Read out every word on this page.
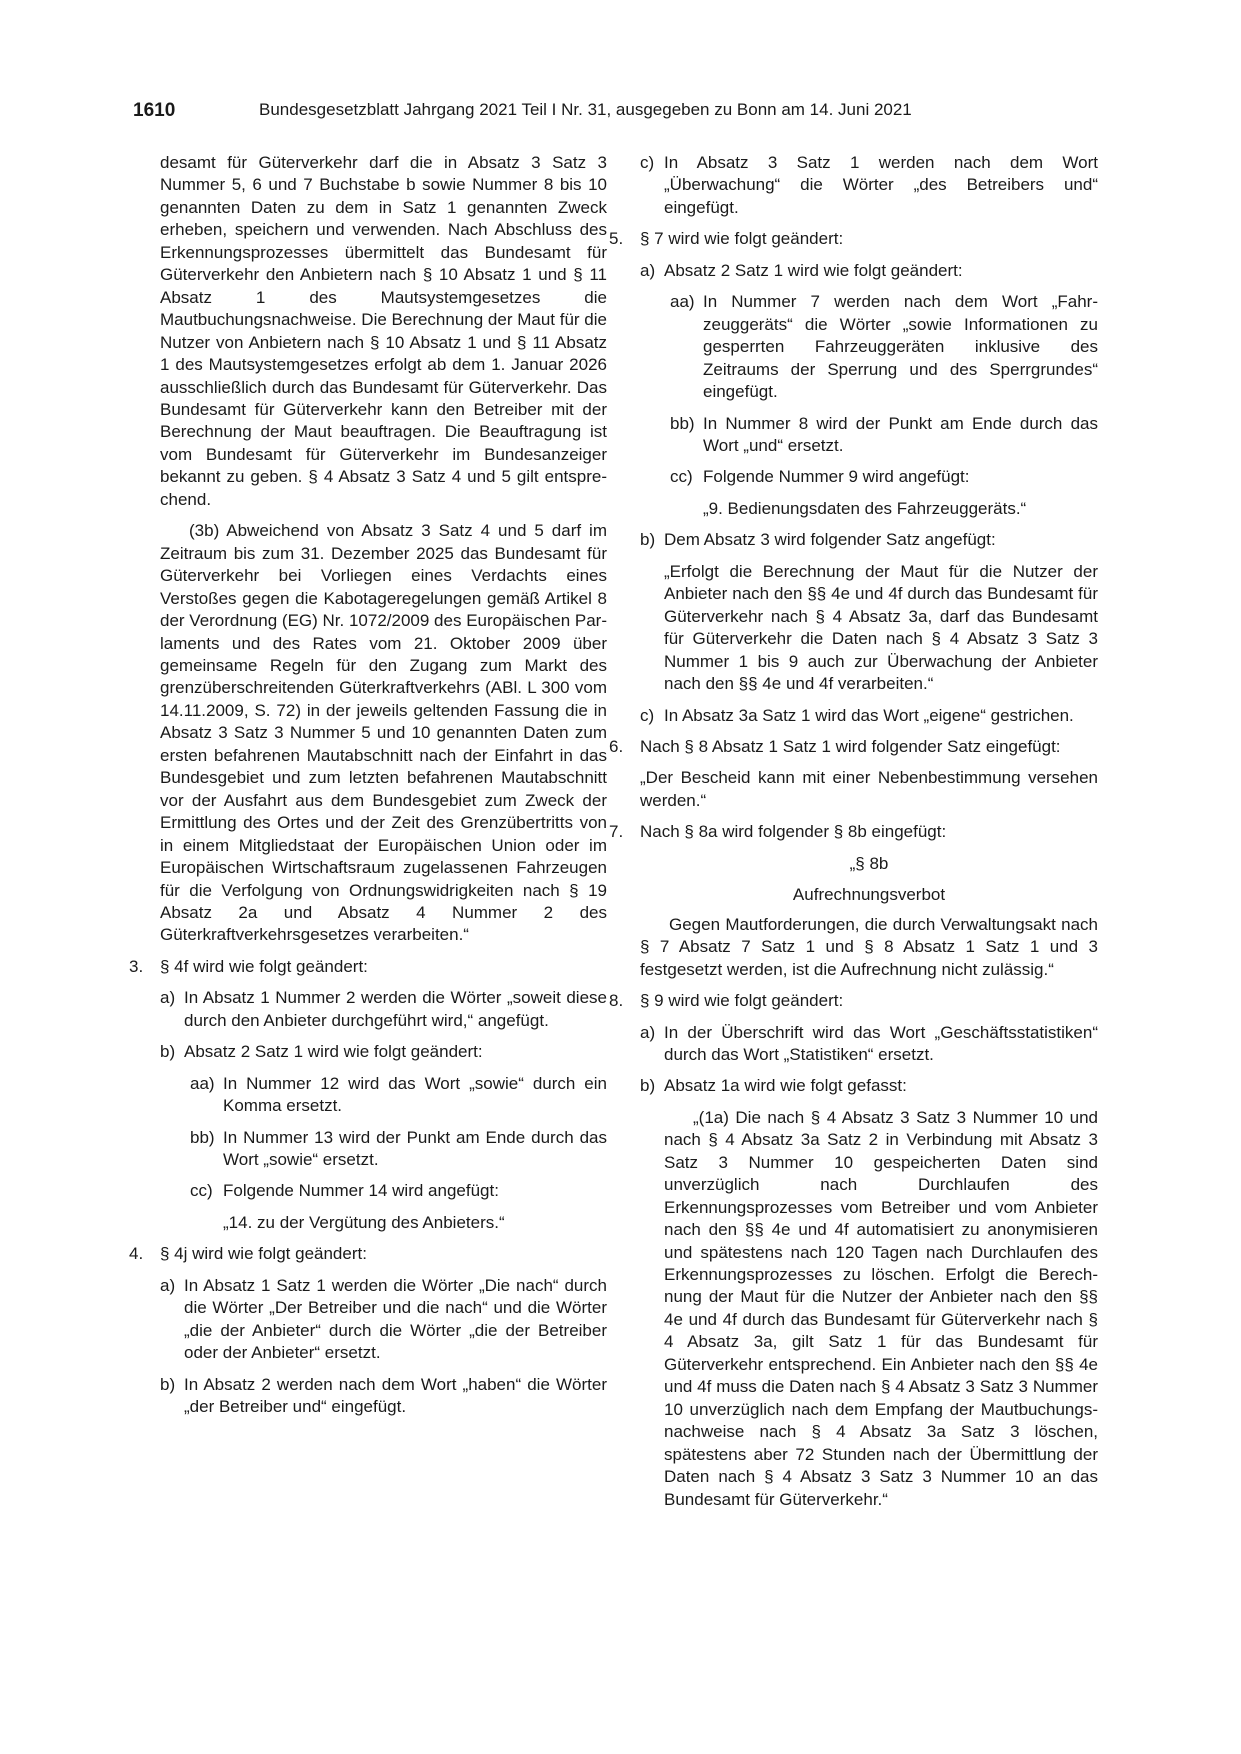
1610	Bundesgesetzblatt Jahrgang 2021 Teil I Nr. 31, ausgegeben zu Bonn am 14. Juni 2021

desamt für Güterverkehr darf die in Absatz 3 Satz 3 Nummer 5, 6 und 7 Buchstabe b sowie Nummer 8 bis 10 genannten Daten zu dem in Satz 1 genannten Zweck erheben, speichern und verwenden. Nach Abschluss des Erkennungsprozesses übermittelt das Bundesamt für Güterverkehr den Anbietern nach § 10 Absatz 1 und § 11 Absatz 1 des Mautsystemgesetzes die Mautbuchungsnachweise. Die Berechnung der Maut für die Nutzer von Anbietern nach § 10 Absatz 1 und § 11 Absatz 1 des Mautsystemgesetzes erfolgt ab dem 1. Januar 2026 ausschließlich durch das Bundesamt für Güterverkehr. Das Bundesamt für Güterverkehr kann den Betreiber mit der Berechnung der Maut beauftragen. Die Beauftragung ist vom Bundesamt für Güterverkehr im Bundesanzeiger bekannt zu geben. § 4 Absatz 3 Satz 4 und 5 gilt entsprechend.

(3b) Abweichend von Absatz 3 Satz 4 und 5 darf im Zeitraum bis zum 31. Dezember 2025 das Bundesamt für Güterverkehr bei Vorliegen eines Verdachts eines Verstoßes gegen die Kabotageregelungen gemäß Artikel 8 der Verordnung (EG) Nr. 1072/2009 des Europäischen Parlaments und des Rates vom 21. Oktober 2009 über gemeinsame Regeln für den Zugang zum Markt des grenzüberschreitenden Güterkraftverkehrs (ABl. L 300 vom 14.11.2009, S. 72) in der jeweils geltenden Fassung die in Absatz 3 Satz 3 Nummer 5 und 10 genannten Daten zum ersten befahrenen Mautabschnitt nach der Einfahrt in das Bundesgebiet und zum letzten befahrenen Mautabschnitt vor der Ausfahrt aus dem Bundesgebiet zum Zweck der Ermittlung des Ortes und der Zeit des Grenzübertritts von in einem Mitgliedstaat der Europäischen Union oder im Europäischen Wirtschaftsraum zugelassenen Fahrzeugen für die Verfolgung von Ordnungswidrigkeiten nach § 19 Absatz 2a und Absatz 4 Nummer 2 des Güterkraftverkehrsgesetzes verarbeiten.“

3. § 4f wird wie folgt geändert:
a) In Absatz 1 Nummer 2 werden die Wörter „soweit diese durch den Anbieter durchgeführt wird,“ angefügt.
b) Absatz 2 Satz 1 wird wie folgt geändert:
aa) In Nummer 12 wird das Wort „sowie“ durch ein Komma ersetzt.
bb) In Nummer 13 wird der Punkt am Ende durch das Wort „sowie“ ersetzt.
cc) Folgende Nummer 14 wird angefügt:

„14. zu der Vergütung des Anbieters.“

4. § 4j wird wie folgt geändert:
a) In Absatz 1 Satz 1 werden die Wörter „Die nach“ durch die Wörter „Der Betreiber und die nach“ und die Wörter „die der Anbieter“ durch die Wörter „die der Betreiber oder der Anbieter“ ersetzt.
b) In Absatz 2 werden nach dem Wort „haben“ die Wörter „der Betreiber und“ eingefügt.
c) In Absatz 3 Satz 1 werden nach dem Wort „Überwachung“ die Wörter „des Betreibers und“ eingefügt.
5. § 7 wird wie folgt geändert:
a) Absatz 2 Satz 1 wird wie folgt geändert:
aa) In Nummer 7 werden nach dem Wort „Fahrzeuggeräts“ die Wörter „sowie Informationen zu gesperrten Fahrzeuggeräten inklusive des Zeitraums der Sperrung und des Sperrgrundes“ eingefügt.
bb) In Nummer 8 wird der Punkt am Ende durch das Wort „und“ ersetzt.
cc) Folgende Nummer 9 wird angefügt:

„9. Bedienungsdaten des Fahrzeuggeräts.“

b) Dem Absatz 3 wird folgender Satz angefügt:

„Erfolgt die Berechnung der Maut für die Nutzer der Anbieter nach den §§ 4e und 4f durch das Bundesamt für Güterverkehr nach § 4 Absatz 3a, darf das Bundesamt für Güterverkehr die Daten nach § 4 Absatz 3 Satz 3 Nummer 1 bis 9 auch zur Überwachung der Anbieter nach den §§ 4e und 4f verarbeiten.“

c) In Absatz 3a Satz 1 wird das Wort „eigene“ gestrichen.
6. Nach § 8 Absatz 1 Satz 1 wird folgender Satz eingefügt:

„Der Bescheid kann mit einer Nebenbestimmung versehen werden.“

7. Nach § 8a wird folgender § 8b eingefügt:

„§ 8b

Aufrechnungsverbot

Gegen Mautforderungen, die durch Verwaltungsakt nach § 7 Absatz 7 Satz 1 und § 8 Absatz 1 Satz 1 und 3 festgesetzt werden, ist die Aufrechnung nicht zulässig.“

8. § 9 wird wie folgt geändert:
a) In der Überschrift wird das Wort „Geschäftsstatistiken“ durch das Wort „Statistiken“ ersetzt.
b) Absatz 1a wird wie folgt gefasst:

„(1a) Die nach § 4 Absatz 3 Satz 3 Nummer 10 und nach § 4 Absatz 3a Satz 2 in Verbindung mit Absatz 3 Satz 3 Nummer 10 gespeicherten Daten sind unverzüglich nach Durchlaufen des Erkennungsprozesses vom Betreiber und vom Anbieter nach den §§ 4e und 4f automatisiert zu anonymisieren und spätestens nach 120 Tagen nach Durchlaufen des Erkennungsprozesses zu löschen. Erfolgt die Berechnung der Maut für die Nutzer der Anbieter nach den §§ 4e und 4f durch das Bundesamt für Güterverkehr nach § 4 Absatz 3a, gilt Satz 1 für das Bundesamt für Güterverkehr entsprechend. Ein Anbieter nach den §§ 4e und 4f muss die Daten nach § 4 Absatz 3 Satz 3 Nummer 10 unverzüglich nach dem Empfang der Mautbuchungsnachweise nach § 4 Absatz 3a Satz 3 löschen, spätestens aber 72 Stunden nach der Übermittlung der Daten nach § 4 Absatz 3 Satz 3 Nummer 10 an das Bundesamt für Güterverkehr.“
